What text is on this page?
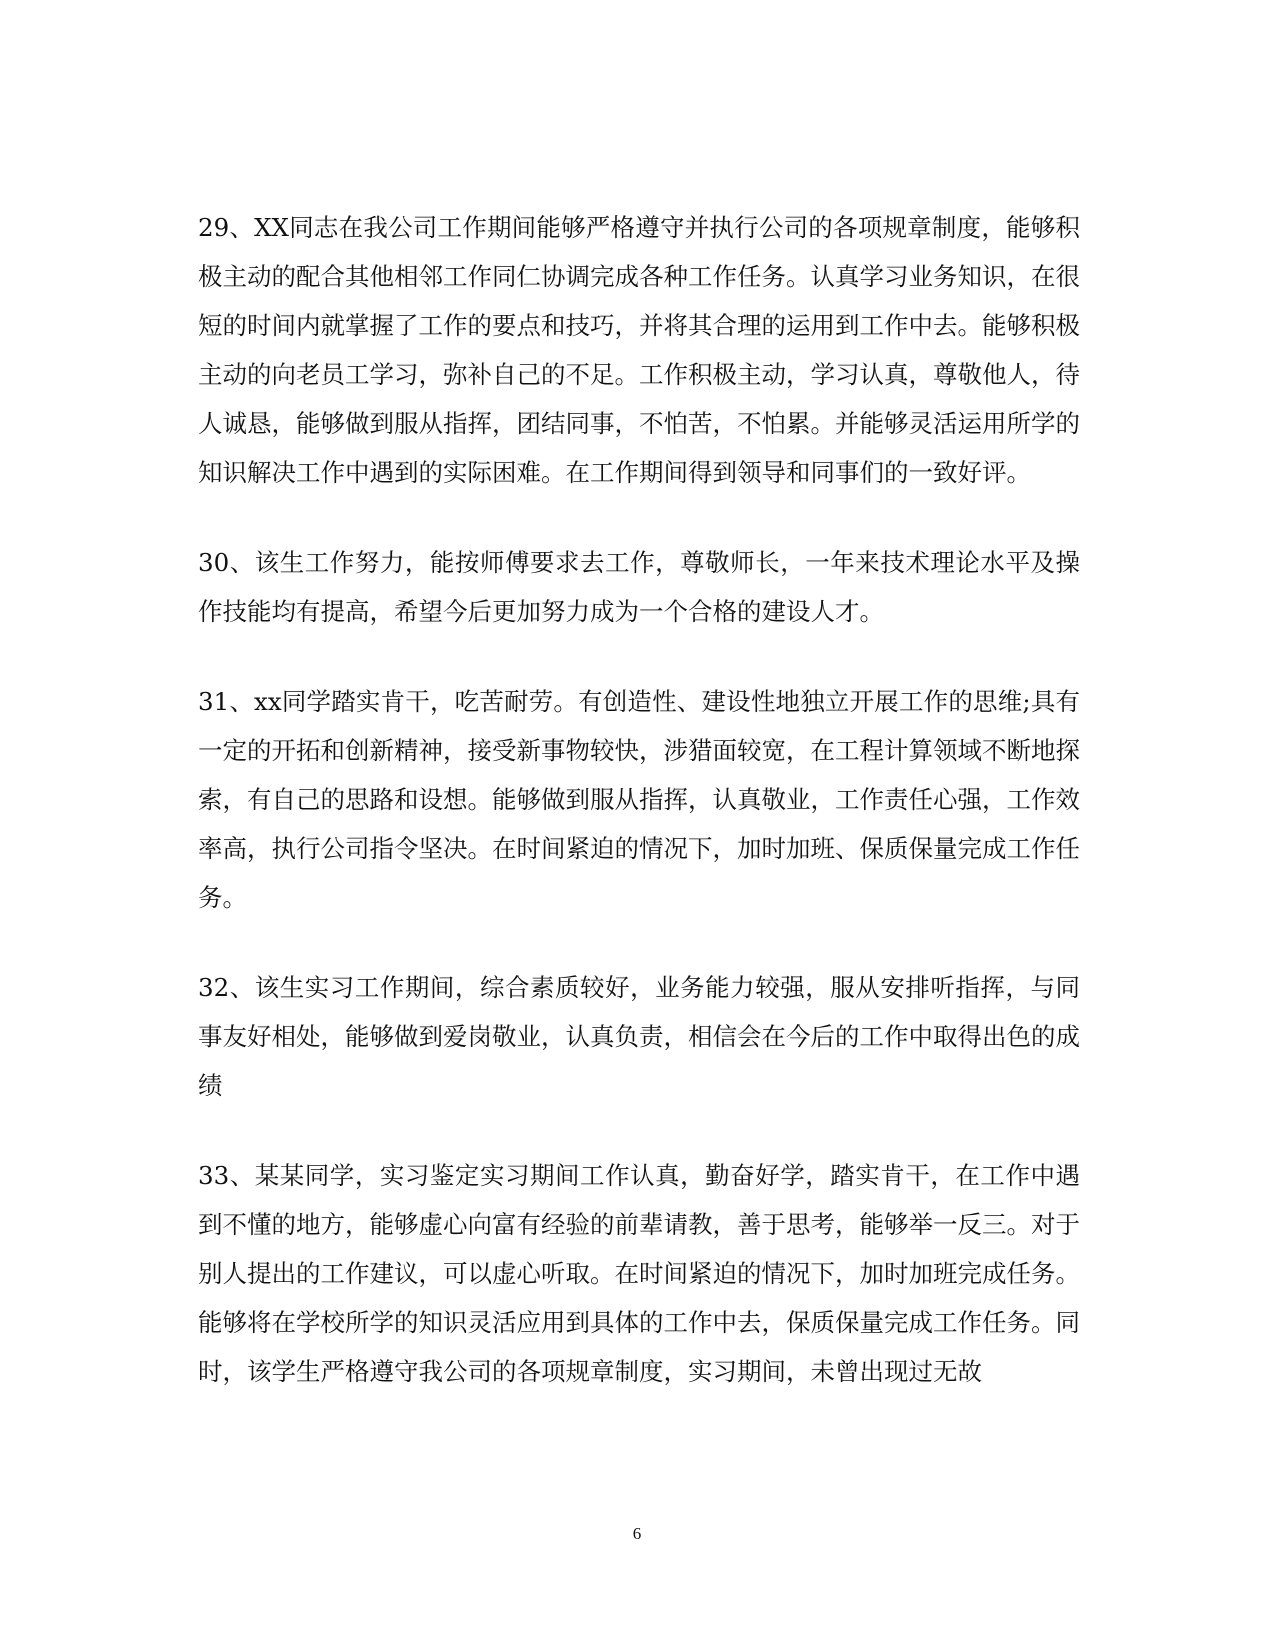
29、XX同志在我公司工作期间能够严格遵守并执行公司的各项规章制度，能够积极主动的配合其他相邻工作同仁协调完成各种工作任务。认真学习业务知识，在很短的时间内就掌握了工作的要点和技巧，并将其合理的运用到工作中去。能够积极主动的向老员工学习，弥补自己的不足。工作积极主动，学习认真，尊敬他人，待人诚恳，能够做到服从指挥，团结同事，不怕苦，不怕累。并能够灵活运用所学的知识解决工作中遇到的实际困难。在工作期间得到领导和同事们的一致好评。

30、该生工作努力，能按师傅要求去工作，尊敬师长，一年来技术理论水平及操作技能均有提高，希望今后更加努力成为一个合格的建设人才。

31、xx同学踏实肯干，吃苦耐劳。有创造性、建设性地独立开展工作的思维;具有一定的开拓和创新精神，接受新事物较快，涉猎面较宽，在工程计算领域不断地探索，有自己的思路和设想。能够做到服从指挥，认真敬业，工作责任心强，工作效率高，执行公司指令坚决。在时间紧迫的情况下，加时加班、保质保量完成工作任务。

32、该生实习工作期间，综合素质较好，业务能力较强，服从安排听指挥，与同事友好相处，能够做到爱岗敬业，认真负责，相信会在今后的工作中取得出色的成绩

33、某某同学，实习鉴定实习期间工作认真，勤奋好学，踏实肯干，在工作中遇到不懂的地方，能够虚心向富有经验的前辈请教，善于思考，能够举一反三。对于别人提出的工作建议，可以虚心听取。在时间紧迫的情况下，加时加班完成任务。能够将在学校所学的知识灵活应用到具体的工作中去，保质保量完成工作任务。同时，该学生严格遵守我公司的各项规章制度，实习期间，未曾出现过无故

6
